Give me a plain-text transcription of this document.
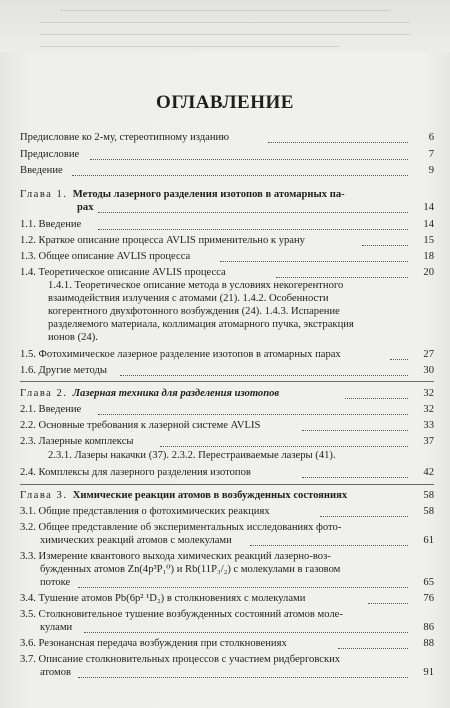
ОГЛАВЛЕНИЕ
Предисловие ко 2-му, стереотипному изданию	6
Предисловие	7
Введение	9
Глава 1. Методы лазерного разделения изотопов в атомарных па-
рах	14
1.1. Введение	14
1.2. Краткое описание процесса AVLIS применительно к урану	15
1.3. Общее описание AVLIS процесса	18
1.4. Теоретическое описание AVLIS процесса	20
1.4.1. Теоретическое описание метода в условиях некогерентного
взаимодействия излучения с атомами (21). 1.4.2. Особенности
когерентного двухфотонного возбуждения (24). 1.4.3. Испарение
разделяемого материала, коллимация атомарного пучка, экстракция
ионов (24).
1.5. Фотохимическое лазерное разделение изотопов в атомарных парах	27
1.6. Другие методы	30
Глава 2. Лазерная техника для разделения изотопов	32
2.1. Введение	32
2.2. Основные требования к лазерной системе AVLIS	33
2.3. Лазерные комплексы	37
2.3.1. Лазеры накачки (37). 2.3.2. Перестраиваемые лазеры (41).
2.4. Комплексы для лазерного разделения изотопов	42
Глава 3. Химические реакции атомов в возбужденных состояниях	58
3.1. Общие представления о фотохимических реакциях	58
3.2. Общее представление об экспериментальных исследованиях фото-
химических реакций атомов с молекулами	61
3.3. Измерение квантового выхода химических реакций лазерно-воз-
бужденных атомов Zn(4p³P₁⁰) и Rb(11P₃/₂) с молекулами в газовом
потоке	65
3.4. Тушение атомов Pb(6p² ¹D₂) в столкновениях с молекулами	76
3.5. Столкновительное тушение возбужденных состояний атомов моле-
кулами	86
3.6. Резонансная передача возбуждения при столкновениях	88
3.7. Описание столкновительных процессов с участием ридберговских
атомов	91
